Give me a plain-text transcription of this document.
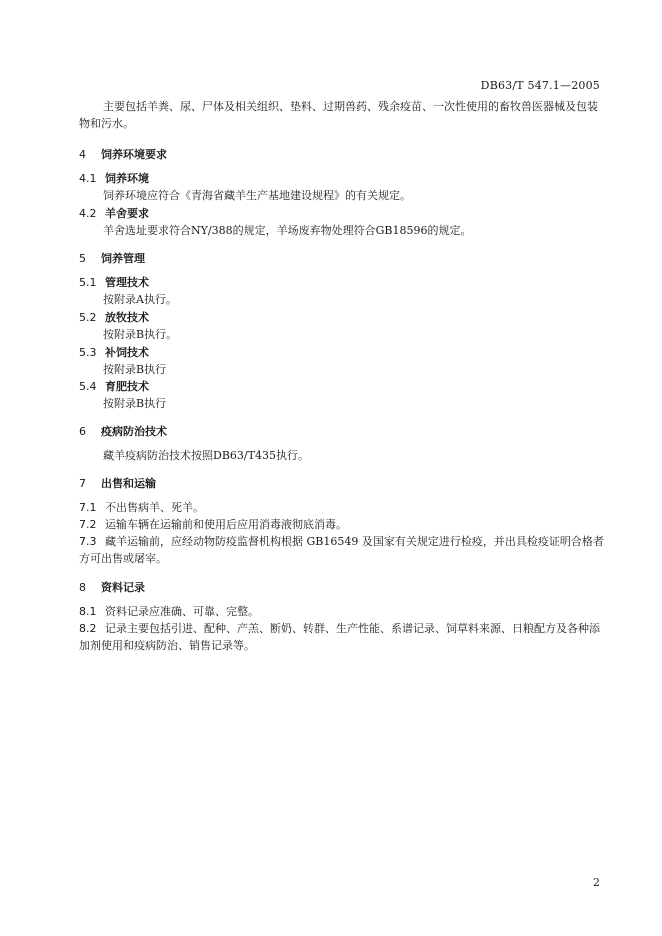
DB63/T 547.1—2005
主要包括羊粪、尿、尸体及相关组织、垫料、过期兽药、残余疫苗、一次性使用的畜牧兽医器械及包装物和污水。
4 饲养环境要求
4.1 饲养环境
饲养环境应符合《青海省藏羊生产基地建设规程》的有关规定。
4.2 羊舍要求
羊舍选址要求符合NY/388的规定，羊场废弃物处理符合GB18596的规定。
5 饲养管理
5.1 管理技术
按附录A执行。
5.2 放牧技术
按附录B执行。
5.3 补饲技术
按附录B执行
5.4 育肥技术
按附录B执行
6 疫病防治技术
藏羊疫病防治技术按照DB63/T435执行。
7 出售和运输
7.1 不出售病羊、死羊。
7.2 运输车辆在运输前和使用后应用消毒液彻底消毒。
7.3 藏羊运输前，应经动物防疫监督机构根据 GB16549 及国家有关规定进行检疫，并出具检疫证明合格者方可出售或屠宰。
8 资料记录
8.1 资料记录应准确、可靠、完整。
8.2 记录主要包括引进、配种、产羔、断奶、转群、生产性能、系谱记录、饲草料来源、日粮配方及各种添加剂使用和疫病防治、销售记录等。
2
